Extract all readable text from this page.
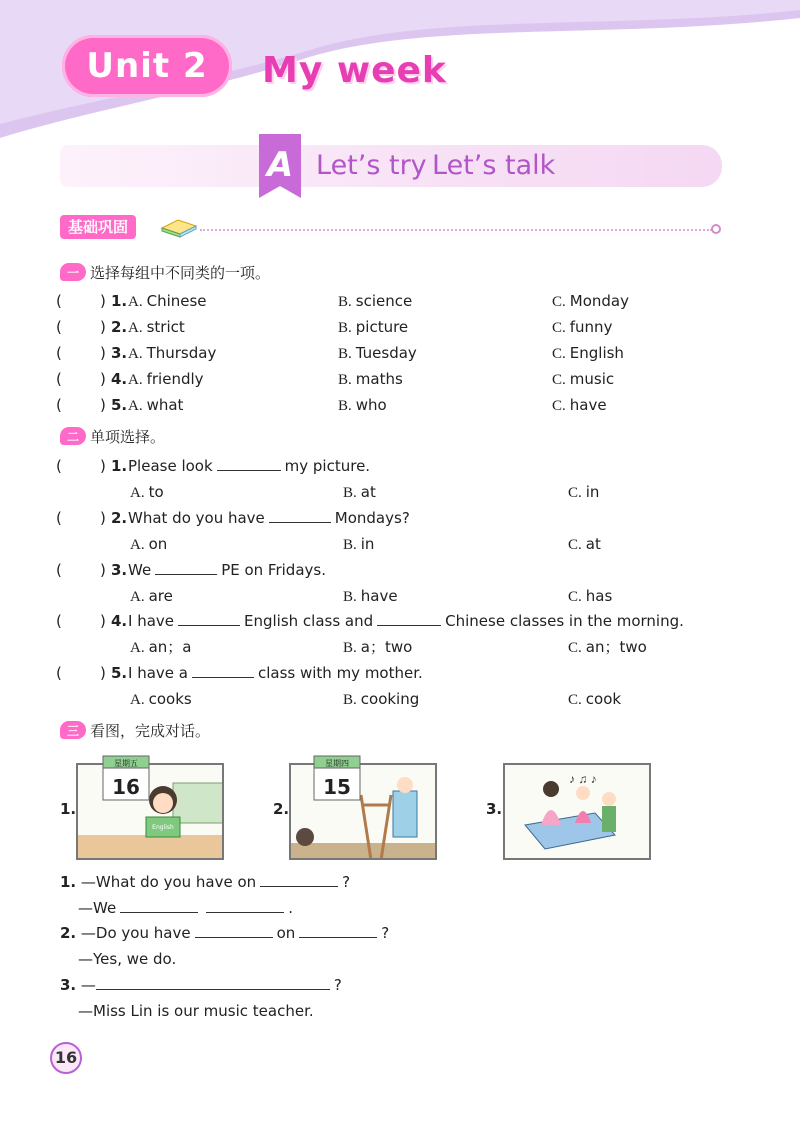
Unit 2	My week
A Let’s try Let’s talk
基础巩固
一 选择每组中不同类的一项。
(	) 1. A. Chinese	B. science	C. Monday
(	) 2. A. strict	B. picture	C. funny
(	) 3. A. Thursday	B. Tuesday	C. English
(	) 4. A. friendly	B. maths	C. music
(	) 5. A. what	B. who	C. have
二 单项选择。
(	) 1. Please look	my picture.
A. to	B. at	C. in
(	) 2. What do you have	Mondays?
A. on	B. in	C. at
(	) 3. We	PE on Fridays.
A. are	B. have	C. has
(	) 4. I have	English class and	Chinese classes in the morning.
A. an；a	B. a；two	C. an；two
(	) 5. I have a	class with my mother.
A. cooks	B. cooking	C. cook
三 看图，完成对话。
1.
English
星期五
16
2.
星期四
15
3.
♪ ♫ ♪
1. —What do you have on	?
—We	.
2. —Do you have	on	?
—Yes, we do.
3. —	?
—Miss Lin is our music teacher.
16
